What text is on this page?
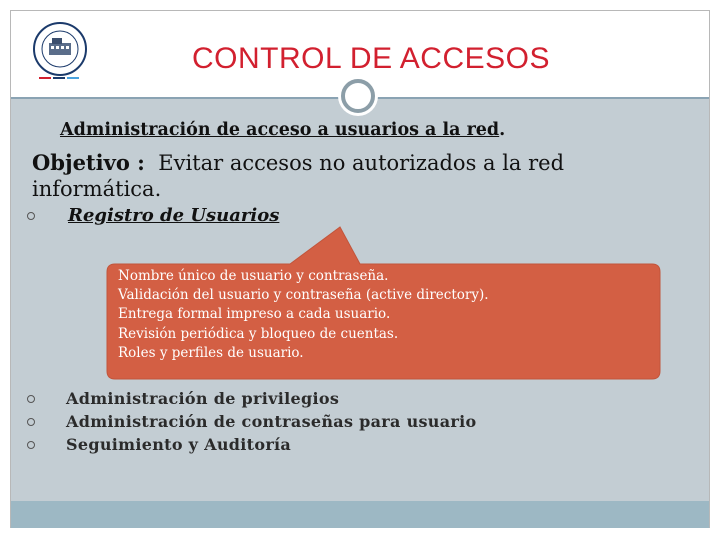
CONTROL DE ACCESOS
Administración de acceso a usuarios a la red.
Objetivo : Evitar accesos no autorizados a la red informática.
Registro de Usuarios
Nombre único de usuario y contraseña.
Validación del usuario y contraseña (active directory).
Entrega formal impreso a cada usuario.
Revisión periódica y bloqueo de cuentas.
Roles y perfiles de usuario.
Administración de privilegios
Administración de contraseñas para usuario
Seguimiento y Auditoría
